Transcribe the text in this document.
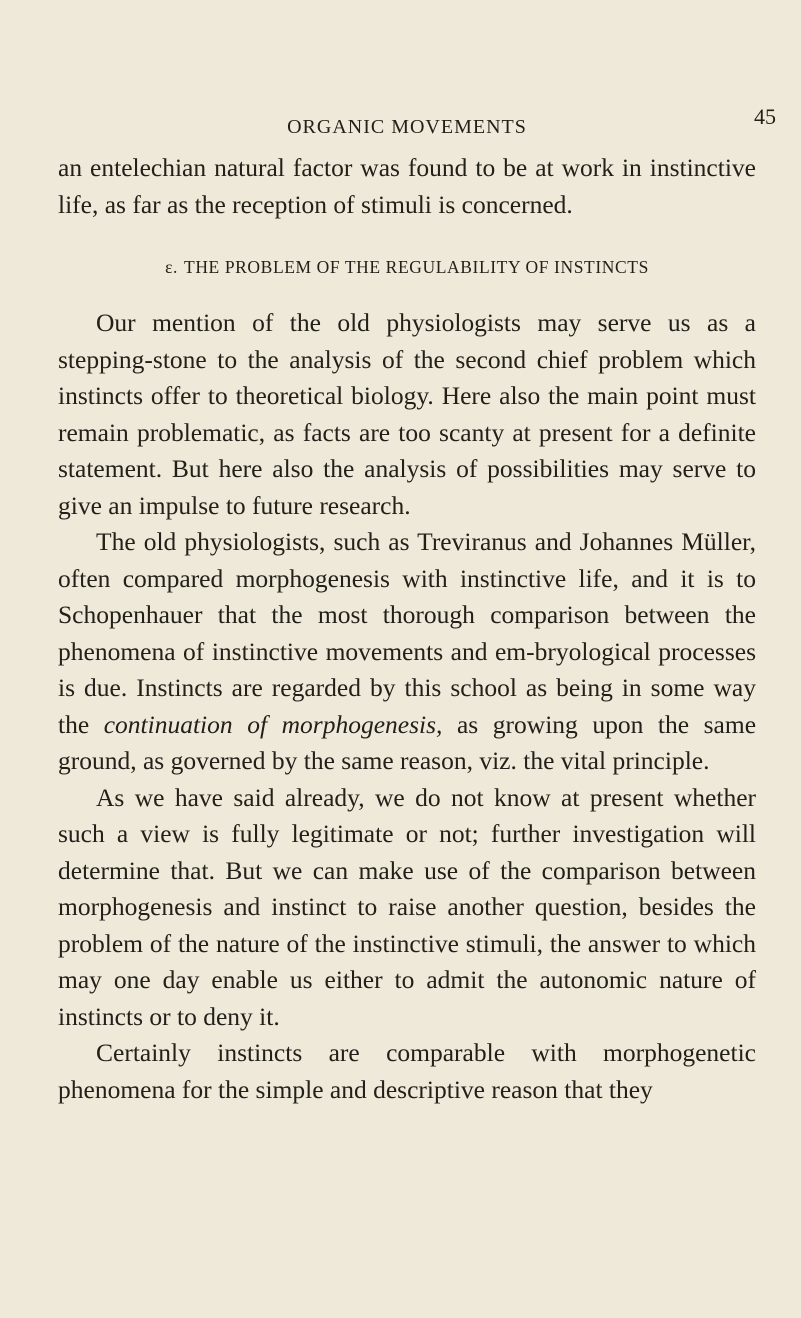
ORGANIC MOVEMENTS	45

an entelechian natural factor was found to be at work in instinctive life, as far as the reception of stimuli is concerned.

ε. THE PROBLEM OF THE REGULABILITY OF INSTINCTS

Our mention of the old physiologists may serve us as a stepping-stone to the analysis of the second chief problem which instincts offer to theoretical biology. Here also the main point must remain problematic, as facts are too scanty at present for a definite statement. But here also the analysis of possibilities may serve to give an impulse to future research.

The old physiologists, such as Treviranus and Johannes Müller, often compared morphogenesis with instinctive life, and it is to Schopenhauer that the most thorough comparison between the phenomena of instinctive movements and em-bryological processes is due. Instincts are regarded by this school as being in some way the continuation of morphogenesis, as growing upon the same ground, as governed by the same reason, viz. the vital principle.

As we have said already, we do not know at present whether such a view is fully legitimate or not; further investigation will determine that. But we can make use of the comparison between morphogenesis and instinct to raise another question, besides the problem of the nature of the instinctive stimuli, the answer to which may one day enable us either to admit the autonomic nature of instincts or to deny it.

Certainly instincts are comparable with morphogenetic phenomena for the simple and descriptive reason that they
